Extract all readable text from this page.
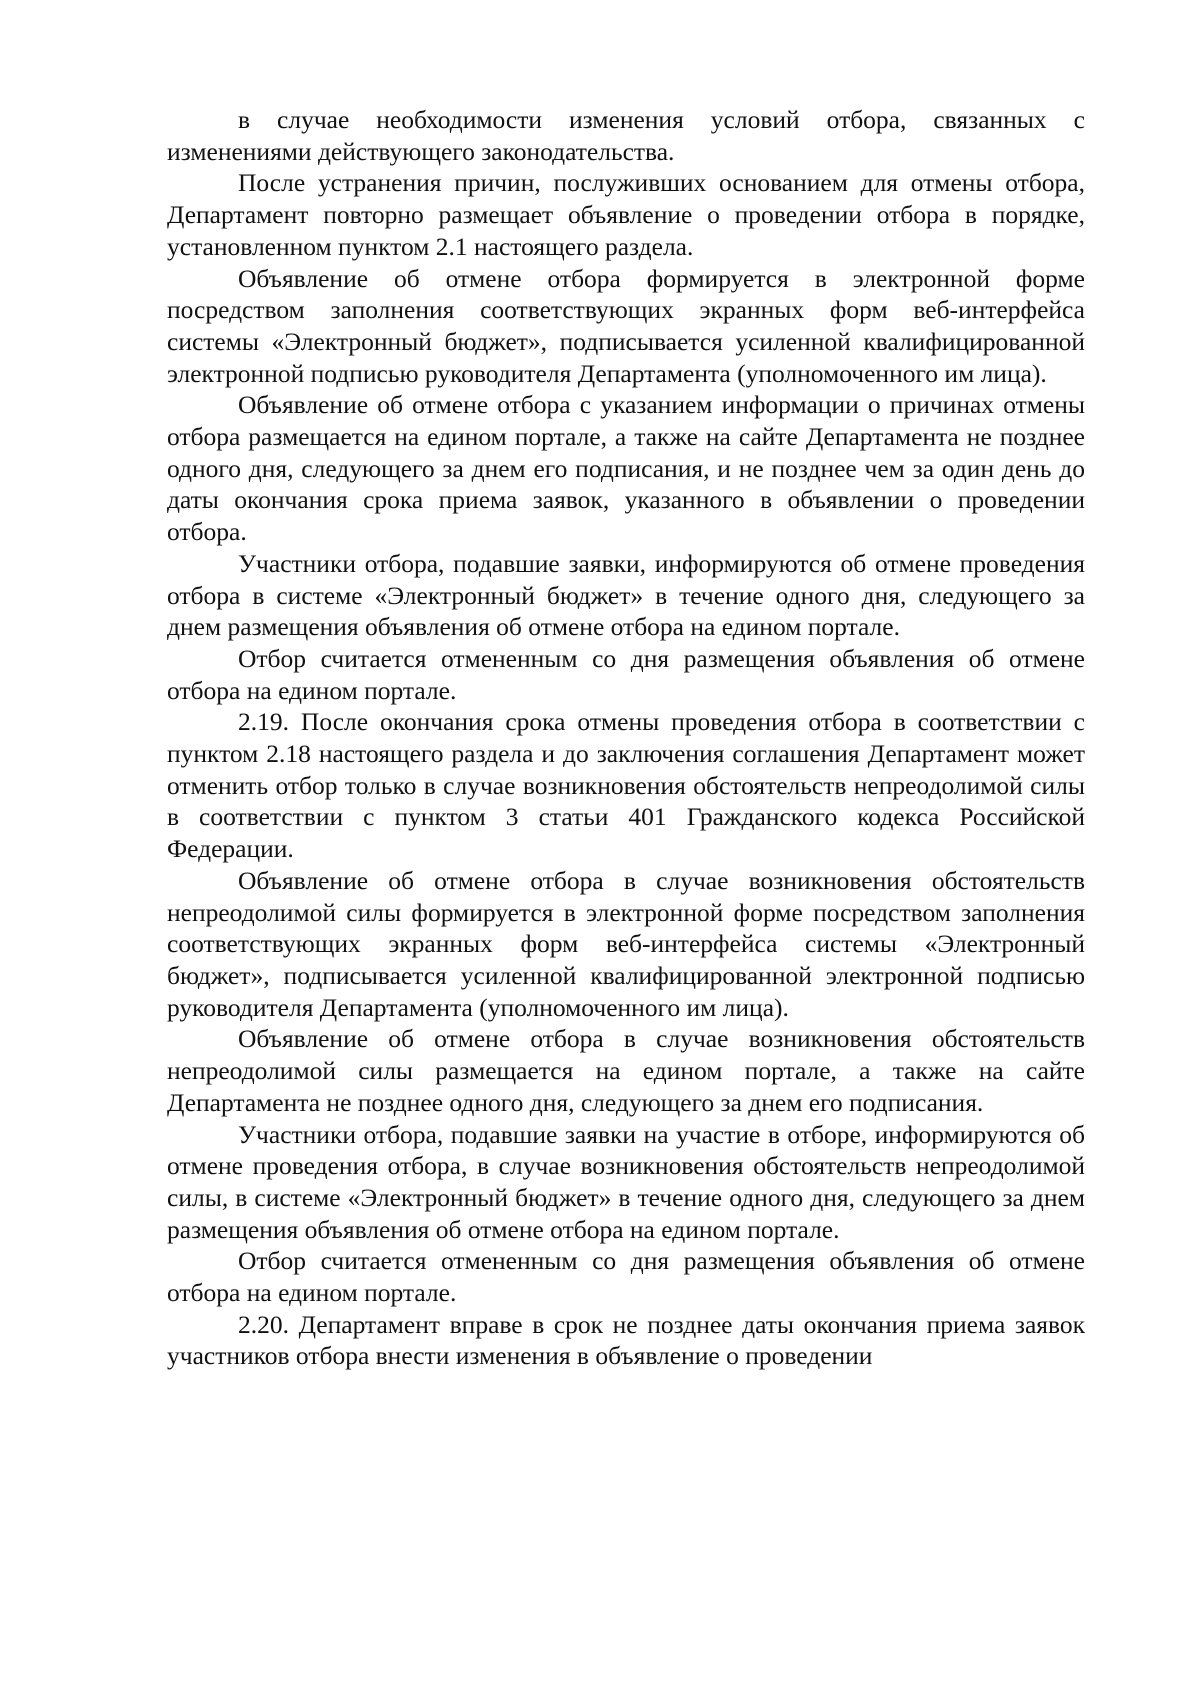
в случае необходимости изменения условий отбора, связанных с изменениями действующего законодательства.

После устранения причин, послуживших основанием для отмены отбора, Департамент повторно размещает объявление о проведении отбора в порядке, установленном пунктом 2.1 настоящего раздела.

Объявление об отмене отбора формируется в электронной форме посредством заполнения соответствующих экранных форм веб-интерфейса системы «Электронный бюджет», подписывается усиленной квалифицированной электронной подписью руководителя Департамента (уполномоченного им лица).

Объявление об отмене отбора с указанием информации о причинах отмены отбора размещается на едином портале, а также на сайте Департамента не позднее одного дня, следующего за днем его подписания, и не позднее чем за один день до даты окончания срока приема заявок, указанного в объявлении о проведении отбора.

Участники отбора, подавшие заявки, информируются об отмене проведения отбора в системе «Электронный бюджет» в течение одного дня, следующего за днем размещения объявления об отмене отбора на едином портале.

Отбор считается отмененным со дня размещения объявления об отмене отбора на едином портале.

2.19. После окончания срока отмены проведения отбора в соответствии с пунктом 2.18 настоящего раздела и до заключения соглашения Департамент может отменить отбор только в случае возникновения обстоятельств непреодолимой силы в соответствии с пунктом 3 статьи 401 Гражданского кодекса Российской Федерации.

Объявление об отмене отбора в случае возникновения обстоятельств непреодолимой силы формируется в электронной форме посредством заполнения соответствующих экранных форм веб-интерфейса системы «Электронный бюджет», подписывается усиленной квалифицированной электронной подписью руководителя Департамента (уполномоченного им лица).

Объявление об отмене отбора в случае возникновения обстоятельств непреодолимой силы размещается на едином портале, а также на сайте Департамента не позднее одного дня, следующего за днем его подписания.

Участники отбора, подавшие заявки на участие в отборе, информируются об отмене проведения отбора, в случае возникновения обстоятельств непреодолимой силы, в системе «Электронный бюджет» в течение одного дня, следующего за днем размещения объявления об отмене отбора на едином портале.

Отбор считается отмененным со дня размещения объявления об отмене отбора на едином портале.

2.20. Департамент вправе в срок не позднее даты окончания приема заявок участников отбора внести изменения в объявление о проведении
